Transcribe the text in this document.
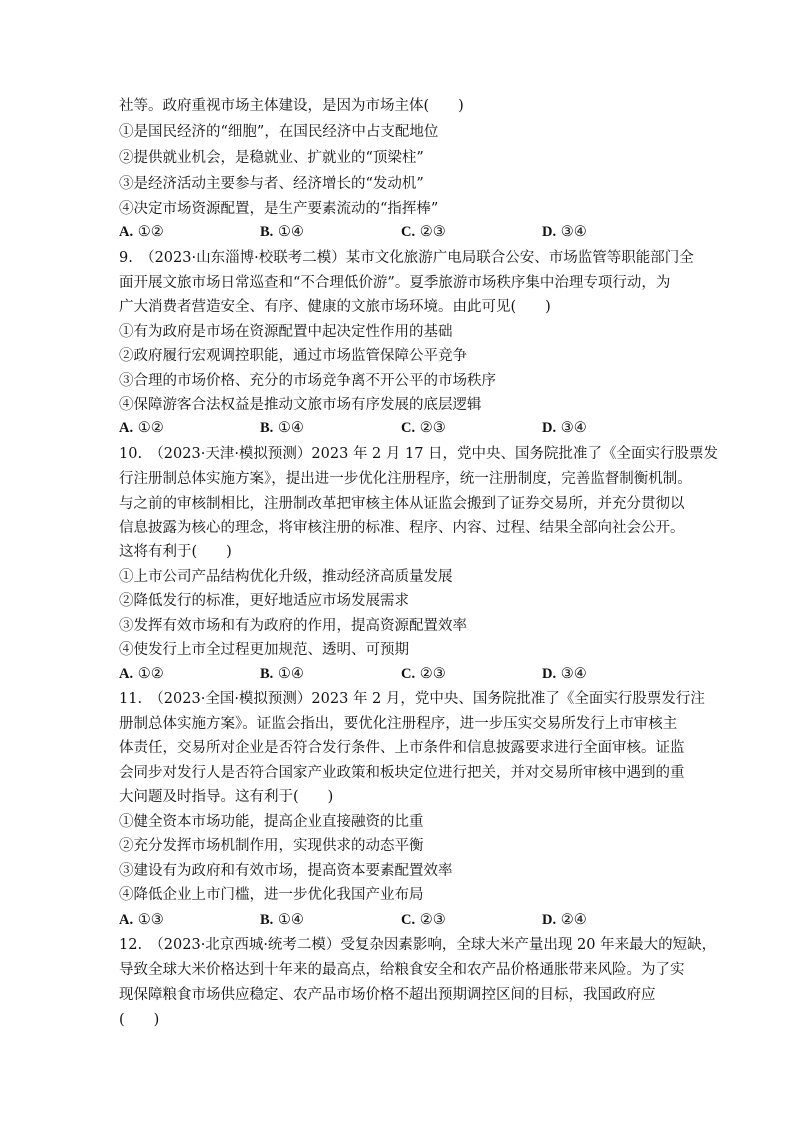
社等。政府重视市场主体建设，是因为市场主体(　　)
①是国民经济的“细胞”，在国民经济中占支配地位
②提供就业机会，是稳就业、扩就业的“顶梁柱”
③是经济活动主要参与者、经济增长的“发动机”
④决定市场资源配置，是生产要素流动的“指挥棒”
A. ①②	B. ①④	C. ②③	D. ③④
9.　（2023·山东淄博·校联考二模）某市文化旅游广电局联合公安、市场监管等职能部门全
面开展文旅市场日常巡查和“不合理低价游”。夏季旅游市场秩序集中治理专项行动，为
广大消费者营造安全、有序、健康的文旅市场环境。由此可见(　　)
①有为政府是市场在资源配置中起决定性作用的基础
②政府履行宏观调控职能，通过市场监管保障公平竞争
③合理的市场价格、充分的市场竞争离不开公平的市场秩序
④保障游客合法权益是推动文旅市场有序发展的底层逻辑
A. ①②	B. ①④	C. ②③	D. ③④
10.　（2023·天津·模拟预测）2023 年 2 月 17 日，党中央、国务院批准了《全面实行股票发
行注册制总体实施方案》，提出进一步优化注册程序，统一注册制度，完善监督制衡机制。
与之前的审核制相比，注册制改革把审核主体从证监会搬到了证券交易所，并充分贯彻以
信息披露为核心的理念，将审核注册的标准、程序、内容、过程、结果全部向社会公开。
这将有利于(　　)
①上市公司产品结构优化升级，推动经济高质量发展
②降低发行的标准，更好地适应市场发展需求
③发挥有效市场和有为政府的作用，提高资源配置效率
④使发行上市全过程更加规范、透明、可预期
A. ①②	B. ①④	C. ②③	D. ③④
11.　（2023·全国·模拟预测）2023 年 2 月，党中央、国务院批准了《全面实行股票发行注
册制总体实施方案》。证监会指出，要优化注册程序，进一步压实交易所发行上市审核主
体责任，交易所对企业是否符合发行条件、上市条件和信息披露要求进行全面审核。证监
会同步对发行人是否符合国家产业政策和板块定位进行把关，并对交易所审核中遇到的重
大问题及时指导。这有利于(　　)
①健全资本市场功能，提高企业直接融资的比重
②充分发挥市场机制作用，实现供求的动态平衡
③建设有为政府和有效市场，提高资本要素配置效率
④降低企业上市门槛，进一步优化我国产业布局
A. ①③	B. ①④	C. ②③	D. ②④
12.　（2023·北京西城·统考二模）受复杂因素影响，全球大米产量出现 20 年来最大的短缺，
导致全球大米价格达到十年来的最高点，给粮食安全和农产品价格通胀带来风险。为了实
现保障粮食市场供应稳定、农产品市场价格不超出预期调控区间的目标，我国政府应
(　　)
